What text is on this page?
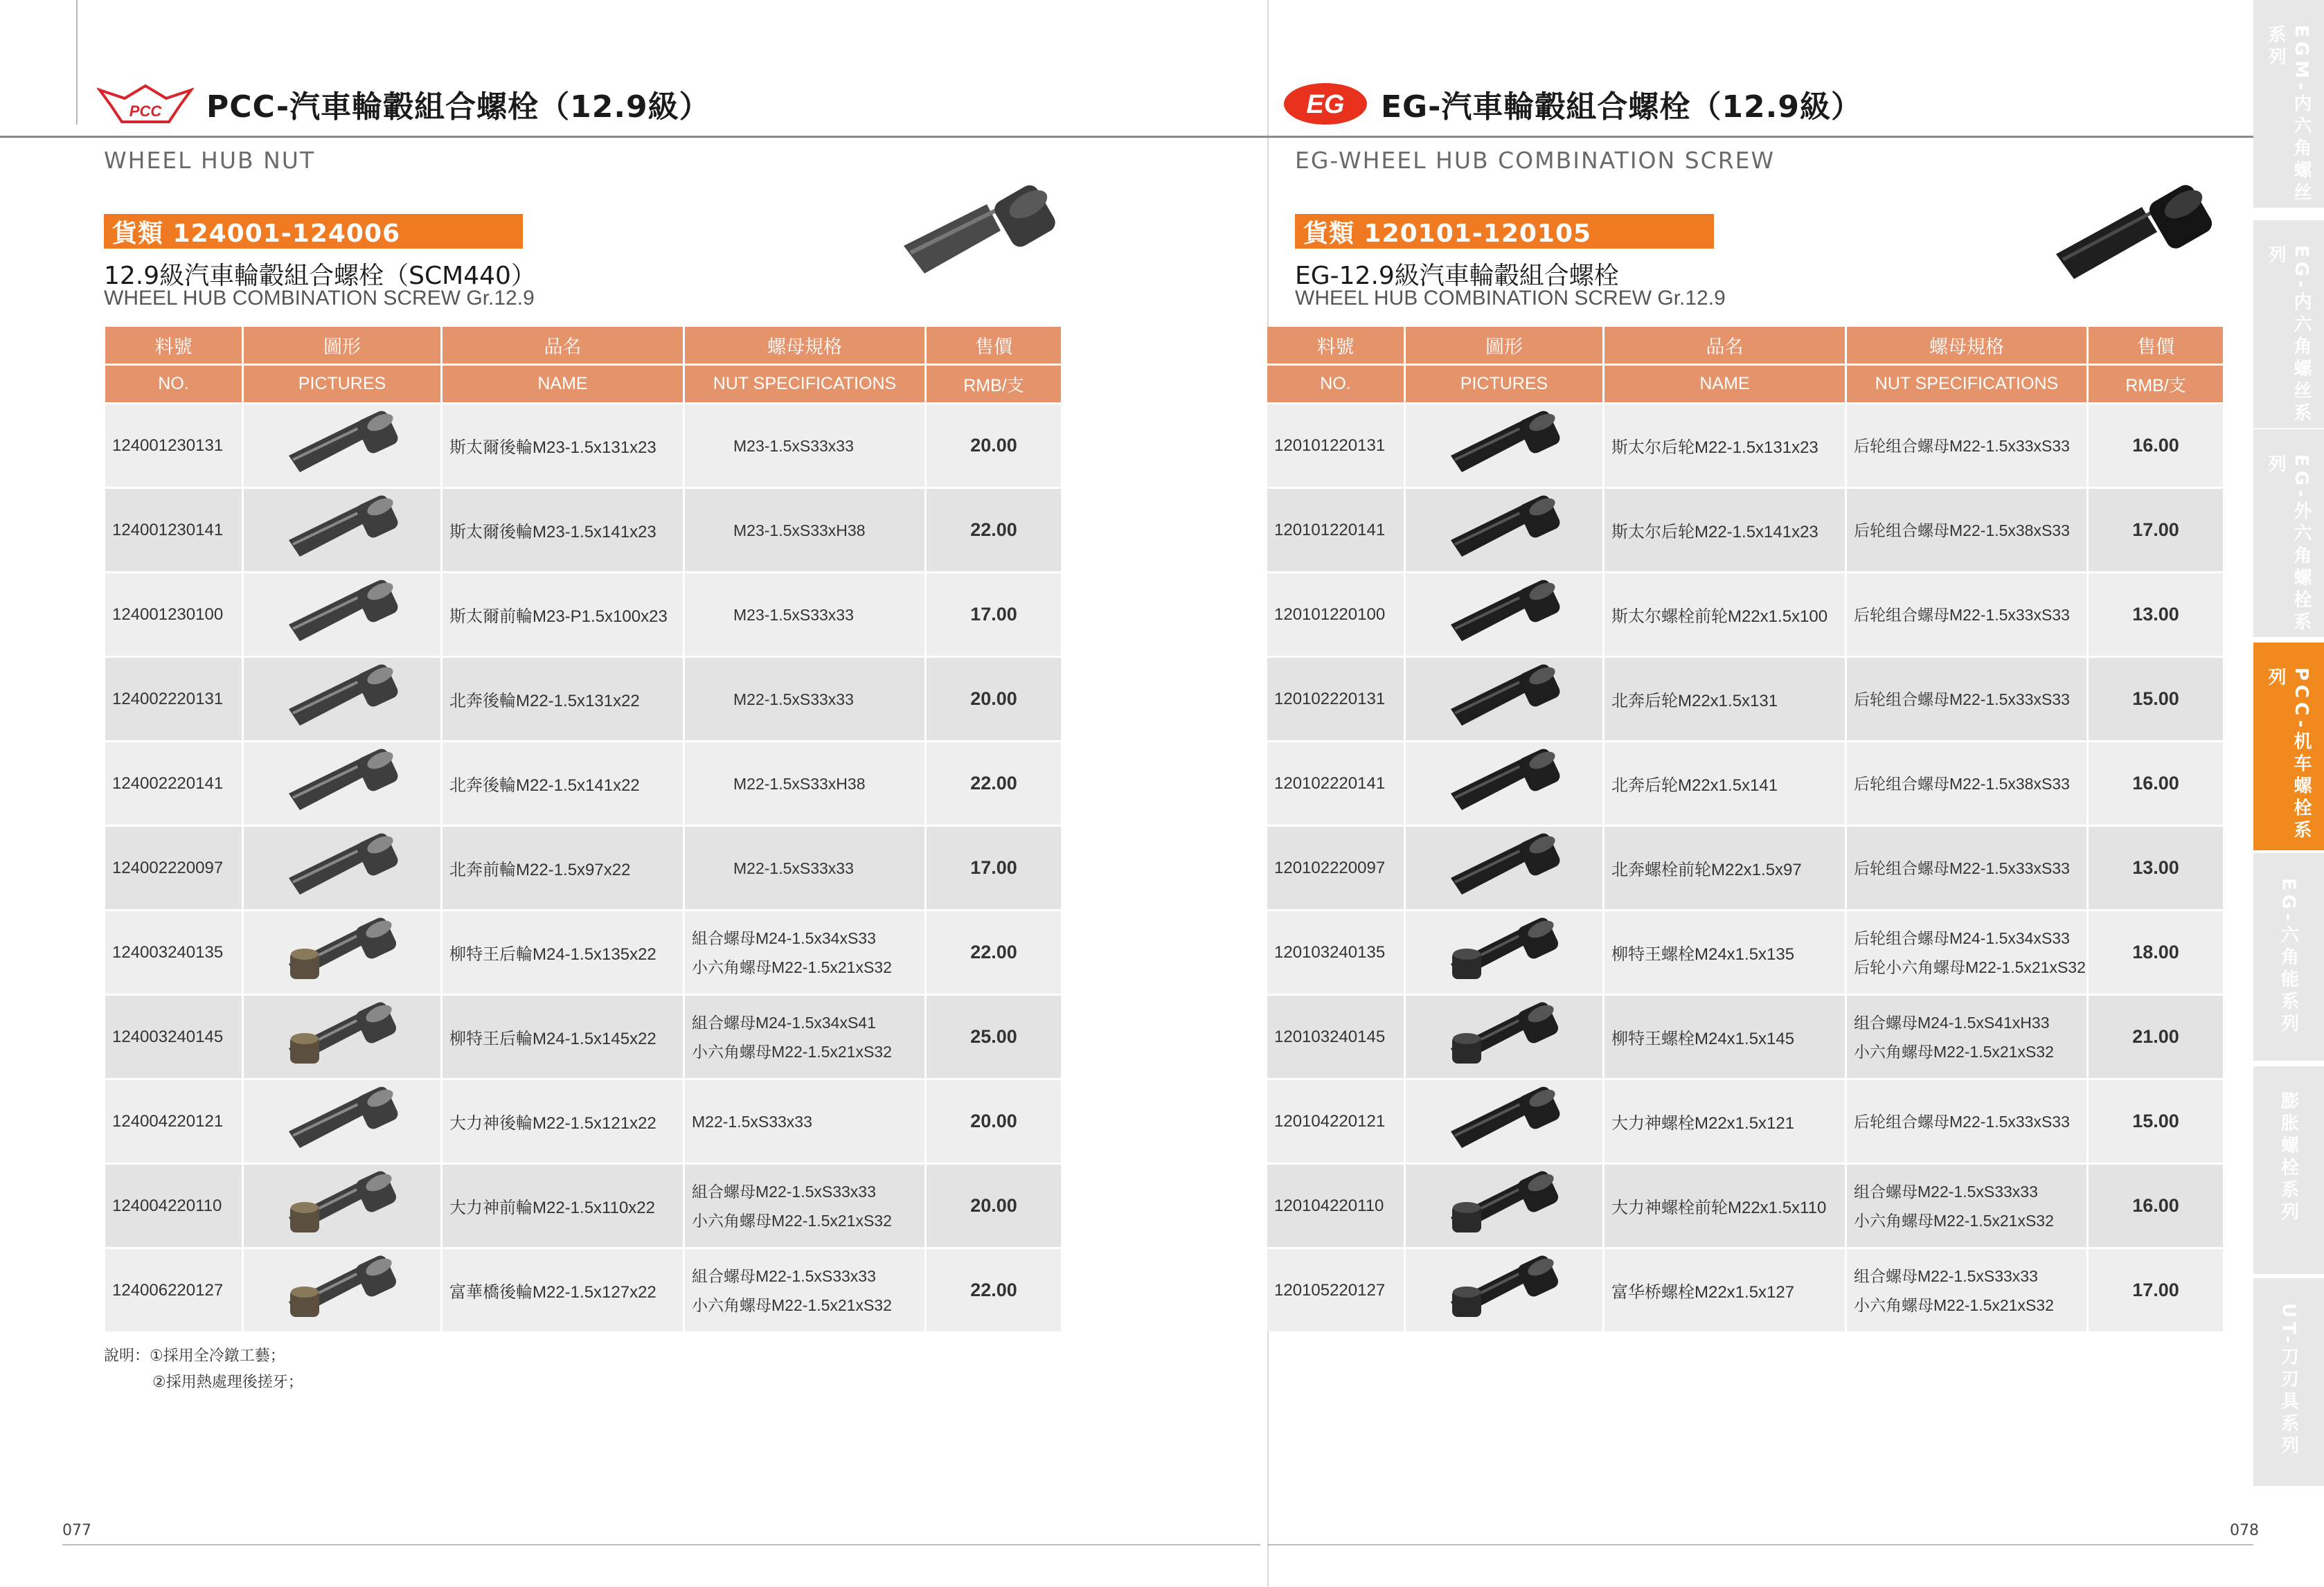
PCC PCC-汽車輪轂組合螺栓（12.9級）
WHEEL HUB NUT
貨類 124001-124006
12.9級汽車輪轂組合螺栓（SCM440）
WHEEL HUB COMBINATION SCREW Gr.12.9
料號	圖形	品名	螺母規格	售價
NO.	PICTURES	NAME	NUT SPECIFICATIONS	RMB/支
124001230131		斯太爾後輪M23-1.5x131x23	M23-1.5xS33x33	20.00
124001230141		斯太爾後輪M23-1.5x141x23	M23-1.5xS33xH38	22.00
124001230100		斯太爾前輪M23-P1.5x100x23	M23-1.5xS33x33	17.00
124002220131		北奔後輪M22-1.5x131x22	M22-1.5xS33x33	20.00
124002220141		北奔後輪M22-1.5x141x22	M22-1.5xS33xH38	22.00
124002220097		北奔前輪M22-1.5x97x22	M22-1.5xS33x33	17.00
124003240135		柳特王后輪M24-1.5x135x22	組合螺母M24-1.5x34xS33
小六角螺母M22-1.5x21xS32	22.00
124003240145		柳特王后輪M24-1.5x145x22	組合螺母M24-1.5x34xS41
小六角螺母M22-1.5x21xS32	25.00
124004220121		大力神後輪M22-1.5x121x22	M22-1.5xS33x33	20.00
124004220110		大力神前輪M22-1.5x110x22	組合螺母M22-1.5xS33x33
小六角螺母M22-1.5x21xS32	20.00
124006220127		富華橋後輪M22-1.5x127x22	組合螺母M22-1.5xS33x33
小六角螺母M22-1.5x21xS32	22.00
說明：①採用全冷鐓工藝；
②採用熱處理後搓牙；
077
EG EG-汽車輪轂組合螺栓（12.9級）
EG-WHEEL HUB COMBINATION SCREW
貨類 120101-120105
EG-12.9級汽車輪轂組合螺栓
WHEEL HUB COMBINATION SCREW Gr.12.9
料號	圖形	品名	螺母規格	售價
NO.	PICTURES	NAME	NUT SPECIFICATIONS	RMB/支
120101220131		斯太尔后轮M22-1.5x131x23	后轮组合螺母M22-1.5x33xS33	16.00
120101220141		斯太尔后轮M22-1.5x141x23	后轮组合螺母M22-1.5x38xS33	17.00
120101220100		斯太尔螺栓前轮M22x1.5x100	后轮组合螺母M22-1.5x33xS33	13.00
120102220131		北奔后轮M22x1.5x131	后轮组合螺母M22-1.5x33xS33	15.00
120102220141		北奔后轮M22x1.5x141	后轮组合螺母M22-1.5x38xS33	16.00
120102220097		北奔螺栓前轮M22x1.5x97	后轮组合螺母M22-1.5x33xS33	13.00
120103240135		柳特王螺栓M24x1.5x135	后轮组合螺母M24-1.5x34xS33
后轮小六角螺母M22-1.5x21xS32	18.00
120103240145		柳特王螺栓M24x1.5x145	组合螺母M24-1.5xS41xH33
小六角螺母M22-1.5x21xS32	21.00
120104220121		大力神螺栓M22x1.5x121	后轮组合螺母M22-1.5x33xS33	15.00
120104220110		大力神螺栓前轮M22x1.5x110	组合螺母M22-1.5xS33x33
小六角螺母M22-1.5x21xS32	16.00
120105220127		富华桥螺栓M22x1.5x127	组合螺母M22-1.5xS33x33
小六角螺母M22-1.5x21xS32	17.00
078
EGM-内六角螺丝系列
EG-内六角螺丝系列
EG-外六角螺栓系列
PCC-机车螺栓系列
EG-六角能系列
膨胀螺栓系列
UT-刀刃具系列
